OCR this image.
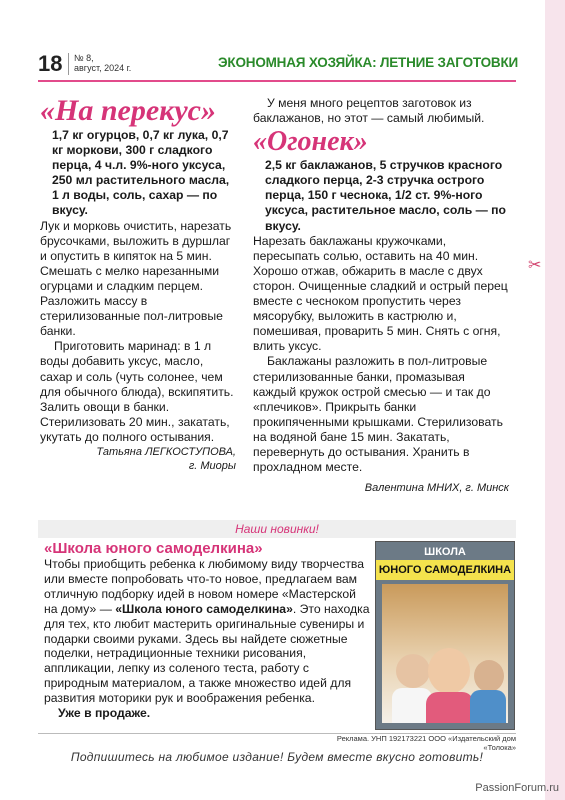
✂
18 № 8,
август, 2024 г.	ЭКОНОМНАЯ ХОЗЯЙКА: ЛЕТНИЕ ЗАГОТОВКИ

«На перекус»

1,7 кг огурцов, 0,7 кг лука, 0,7 кг моркови, 300 г сладкого перца, 4 ч.л. 9%-ного уксуса, 250 мл растительного масла, 1 л воды, соль, сахар — по вкусу.

Лук и морковь очистить, нарезать брусочками, выложить в дуршлаг и опустить в кипяток на 5 мин. Смешать с мелко нарезанными огурцами и сладким перцем. Разложить массу в стерилизованные пол-литровые банки.

Приготовить маринад: в 1 л воды добавить уксус, масло, сахар и соль (чуть солонее, чем для обычного блюда), вскипятить. Залить овощи в банки. Стерилизовать 20 мин., закатать, укутать до полного остывания.

Татьяна ЛЕГКОСТУПОВА,

г. Миоры

У меня много рецептов заготовок из баклажанов, но этот — самый любимый.

«Огонек»

2,5 кг баклажанов, 5 стручков красного сладкого перца, 2-3 стручка острого перца, 150 г чеснока, 1/2 ст. 9%-ного уксуса, растительное масло, соль — по вкусу.

Нарезать баклажаны кружочками, пересыпать солью, оставить на 40 мин. Хорошо отжав, обжарить в масле с двух сторон. Очищенные сладкий и острый перец вместе с чесноком пропустить через мясорубку, выложить в кастрюлю и, помешивая, проварить 5 мин. Снять с огня, влить уксус.

Баклажаны разложить в пол-литровые стерилизованные банки, промазывая каждый кружок острой смесью — и так до «плечиков». Прикрыть банки прокипяченными крышками. Стерилизовать на водяной бане 15 мин. Закатать, перевернуть до остывания. Хранить в прохладном месте.

Валентина МНИХ, г. Минск

Наши новинки!

«Школа юного самоделкина»

Чтобы приобщить ребенка к любимому виду творчества или вместе попробовать что-то новое, предлагаем вам отличную подборку идей в новом номере «Мастерской на дому» — «Школа юного самоделкина». Это находка для тех, кто любит мастерить оригинальные сувениры и подарки своими руками. Здесь вы найдете сюжетные поделки, нетрадиционные техники рисования, аппликации, лепку из соленого теста, работу с природным материалом, а также множество идей для развития моторики рук и воображения ребенка.

Уже в продаже.

ШКОЛА
ЮНОГО САМОДЕЛКИНА
Реклама. УНП 192173221 ООО «Издательский дом «Толока»
Подпишитесь на любимое издание! Будем вместе вкусно готовить!
PassionForum.ru
